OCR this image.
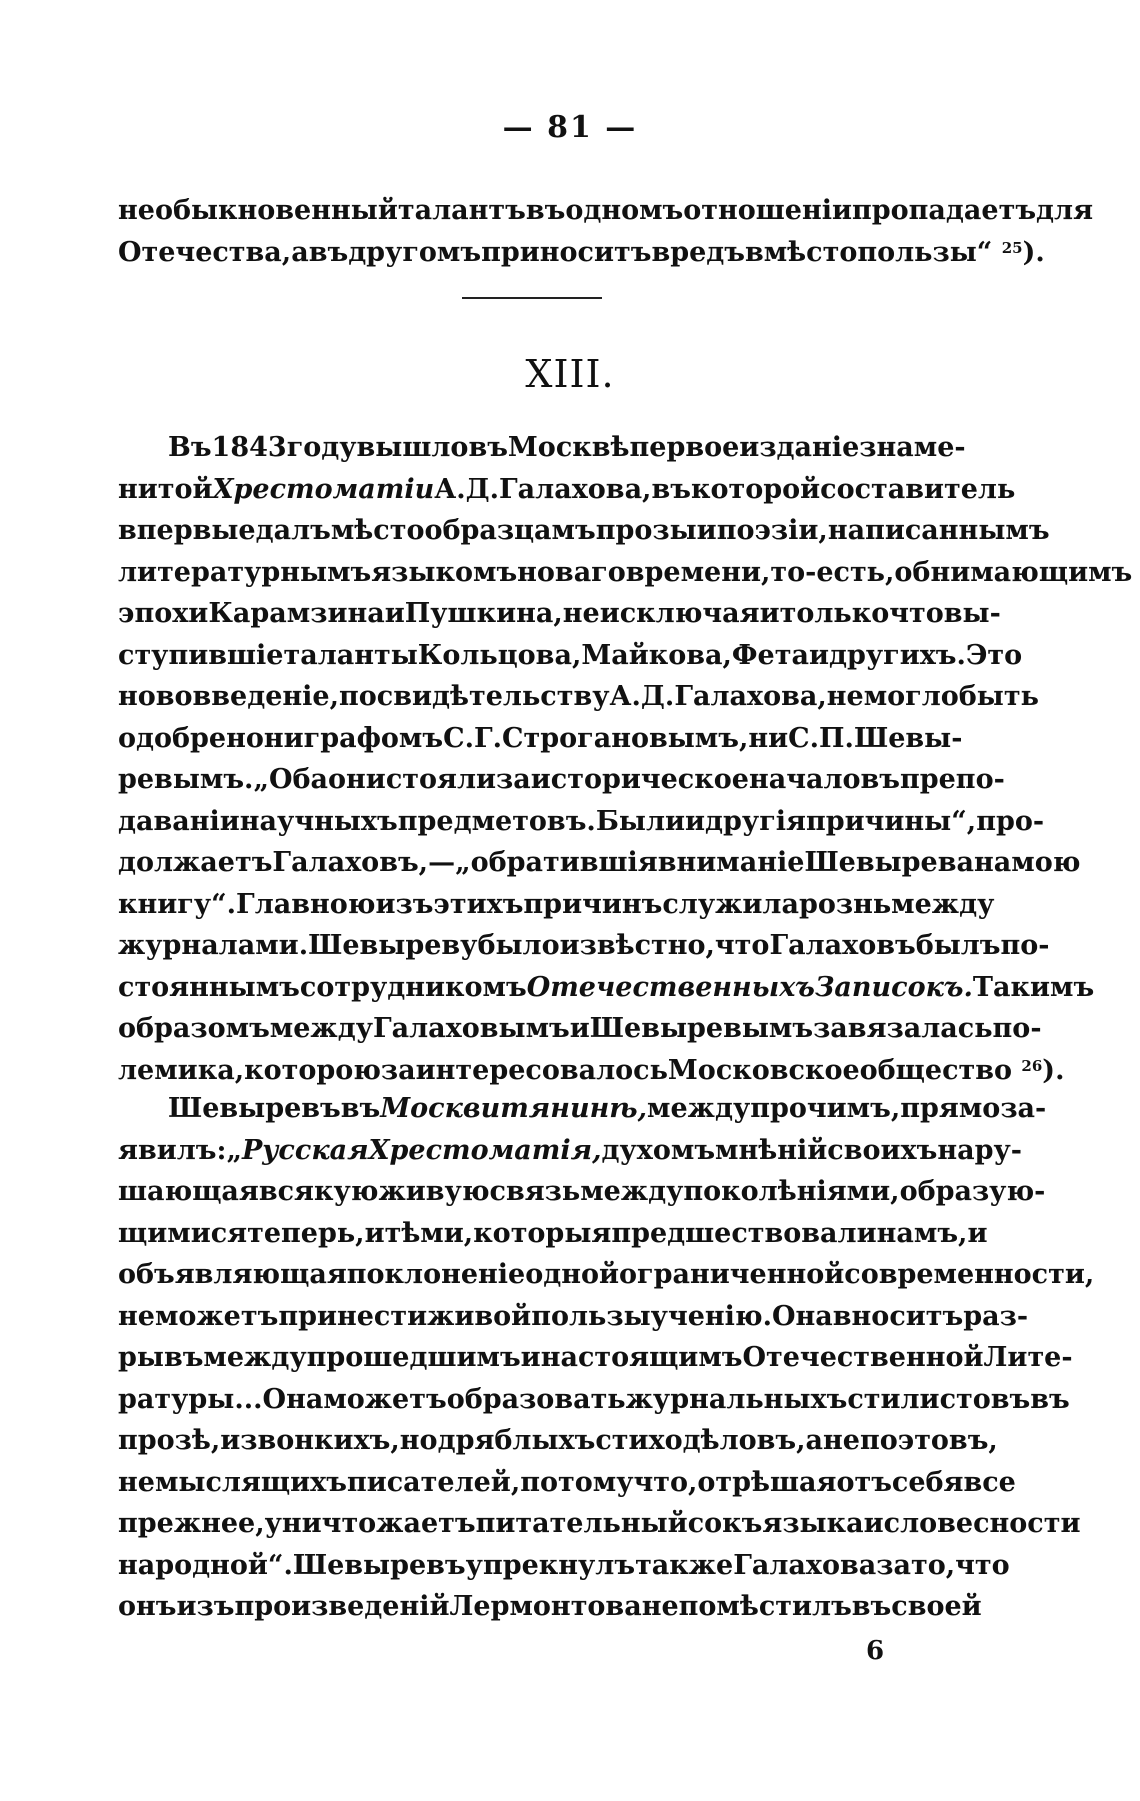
— 81 —
необыкновенный талантъ въ одномъ отношеніи пропадаетъ для
Отечества, а въ другомъ приноситъ вредъ вмѣсто пользы“ $^{25}$).
XIII.
Въ 1843 году вышло въ Москвѣ первое изданіе знаме-
нитой Хрестоматіи А. Д. Галахова, въ которой составитель
впервые далъ мѣсто образцамъ прозы и поэзіи, написаннымъ
литературнымъ языкомъ новаго времени, то-есть, обнимающимъ
эпохи Карамзина и Пушкина, не исключая и только что вы-
ступившіе таланты Кольцова, Майкова, Фета и другихъ. Это
нововведеніе, по свидѣтельству А. Д. Галахова, не могло быть
одобрено ни графомъ С. Г. Строгановымъ, ни С. П. Шевы-
ревымъ. „Оба они стояли за историческое начало въ препо-
даваніи научныхъ предметовъ. Были и другія причины“, про-
должаетъ Галаховъ,—„обратившія вниманіе Шевырева на мою
книгу“. Главною изъ этихъ причинъ служила рознь между
журналами. Шевыреву было извѣстно, что Галаховъ былъ по-
стояннымъ сотрудникомъ Отечественныхъ Записокъ. Такимъ
образомъ между Галаховымъ и Шевыревымъ завязалась по-
лемика, которою заинтересовалось Московское общество $^{26}$).
Шевыревъ въ Москвитянинѣ, между прочимъ, прямо за-
явилъ: „ Русская Хрестоматія, духомъ мнѣній своихъ нару-
шающая всякую живую связь между поколѣніями, образую-
щимися теперь, и тѣми, которыя предшествовали намъ, и
объявляющая поклоненіе одной ограниченной современности,
не можетъ принести живой пользы ученію. Она вноситъ раз-
рывъ между прошедшимъ и настоящимъ Отечественной Лите-
ратуры... Она можетъ образовать журнальныхъ стилистовъ въ
прозѣ, и звонкихъ, но дряблыхъ стиходѣловъ, а не поэтовъ,
не мыслящихъ писателей, потому что, отрѣшая отъ себя все
прежнее, уничтожаетъ питательный сокъ языка и словесности
народной“. Шевыревъ упрекнулъ также Галахова за то, что
онъ изъ произведеній Лермонтова не помѣстилъ въ своей
6
